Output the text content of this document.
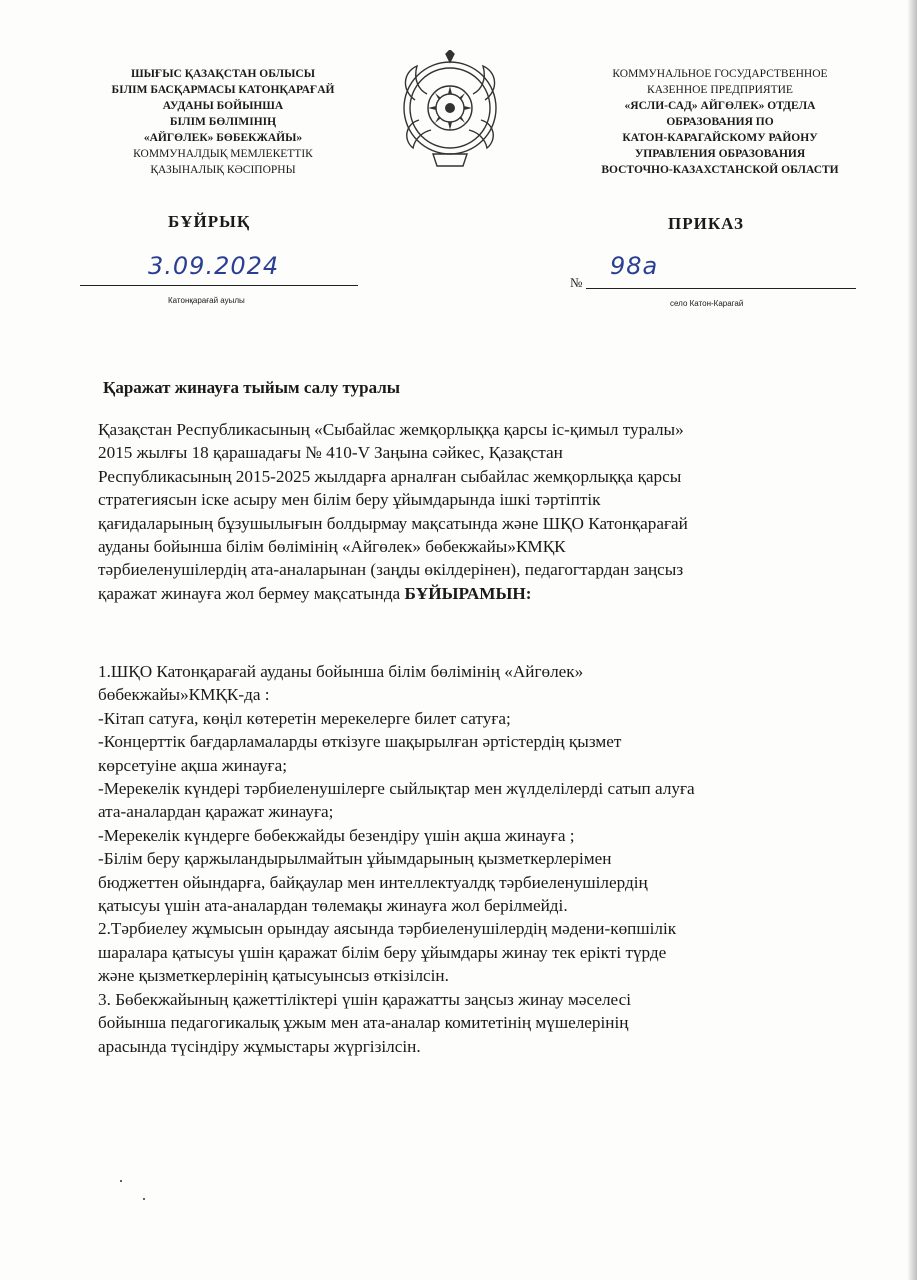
ШЫҒЫС ҚАЗАҚСТАН ОБЛЫСЫ
БІЛІМ БАСҚАРМАСЫ КАТОНҚАРАҒАЙ
АУДАНЫ БОЙЫНША
БІЛІМ БӨЛІМІНІҢ
«АЙГӨЛЕК» БӨБЕКЖАЙЫ»
КОММУНАЛДЫҚ МЕМЛЕКЕТТІК
ҚАЗЫНАЛЫҚ КӘСІПОРНЫ
КОММУНАЛЬНОЕ ГОСУДАРСТВЕННОЕ
КАЗЕННОЕ ПРЕДПРИЯТИЕ
«ЯСЛИ-САД» АЙГӨЛЕК» ОТДЕЛА
ОБРАЗОВАНИЯ ПО
КАТОН-КАРАГАЙСКОМУ РАЙОНУ
УПРАВЛЕНИЯ ОБРАЗОВАНИЯ
ВОСТОЧНО-КАЗАХСТАНСКОЙ ОБЛАСТИ
БҰЙРЫҚ	ПРИКАЗ
3.09.2024
Катонқарағай ауылы
№
98а
село Катон-Карагай
Қаражат жинауға тыйым салу туралы

Қазақстан Республикасының «Сыбайлас жемқорлыққа қарсы іс-қимыл туралы»

2015 жылғы 18 қарашадағы № 410-V Заңына сәйкес, Қазақстан

Республикасының 2015-2025 жылдарға арналған сыбайлас жемқорлыққа қарсы

стратегиясын іске асыру мен білім беру ұйымдарында ішкі тәртіптік

қағидаларының бұзушылығын болдырмау мақсатында және ШҚО Катонқарағай

ауданы бойынша білім бөлімінің «Айгөлек» бөбекжайы»КМҚК

тәрбиеленушілердің ата-аналарынан (заңды өкілдерінен), педагогтардан заңсыз

қаражат жинауға жол бермеу мақсатында БҰЙЫРАМЫН:

1.ШҚО Катонқарағай ауданы бойынша білім бөлімінің «Айгөлек»

бөбекжайы»КМҚК-да :

-Кітап сатуға, көңіл көтеретін мерекелерге билет сатуға;

-Концерттік бағдарламаларды өткізуге шақырылған әртістердің қызмет

көрсетуіне ақша жинауға;

-Мерекелік күндері тәрбиеленушілерге сыйлықтар мен жүлделілерді сатып алуға

ата-аналардан қаражат жинауға;

-Мерекелік күндерге бөбекжайды безендіру үшін ақша жинауға ;

-Білім беру қаржыландырылмайтын ұйымдарының қызметкерлерімен

бюджеттен ойындарға, байқаулар мен интеллектуалдқ тәрбиеленушілердің

қатысуы үшін ата-аналардан төлемақы жинауға жол берілмейді.

2.Тәрбиелеу жұмысын орындау аясында тәрбиеленушілердің мәдени-көпшілік

шаралара қатысуы үшін қаражат білім беру ұйымдары жинау тек ерікті түрде

және қызметкерлерінің қатысуынсыз өткізілсін.

3. Бөбекжайының қажеттіліктері үшін қаражатты заңсыз жинау мәселесі

бойынша педагогикалық ұжым мен ата-аналар комитетінің мүшелерінің

арасында түсіндіру жұмыстары жүргізілсін.
